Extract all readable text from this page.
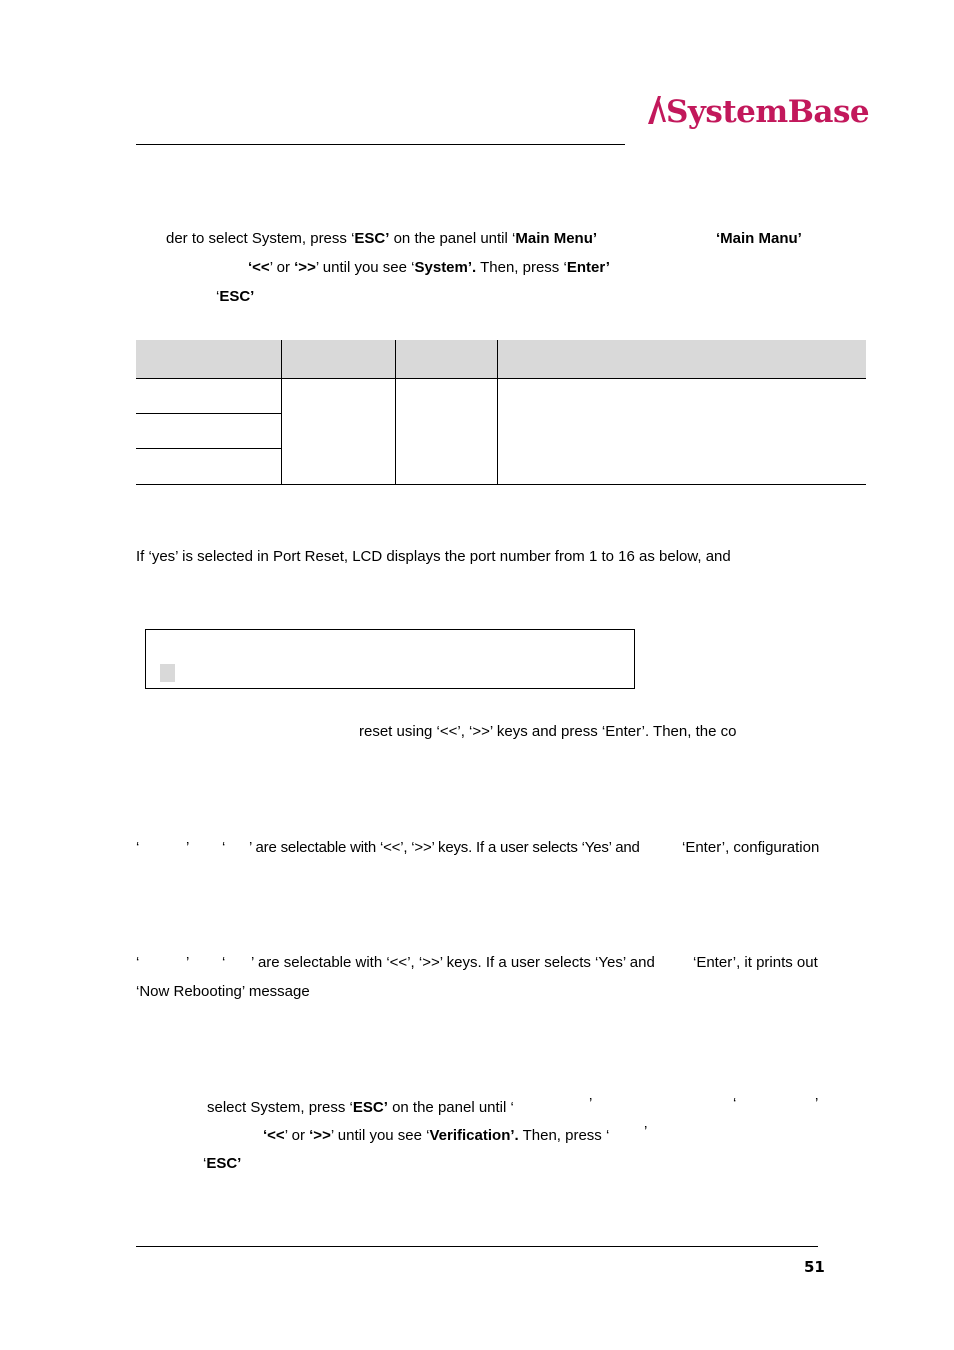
SystemBase
der to select System, press ‘ESC’ on the panel until ‘Main Menu’	‘Main Manu’
‘<<’ or ‘>>’ until you see ‘System’. Then, press ‘Enter’
‘ESC’
If ‘yes’ is selected in Port Reset, LCD displays the port number from 1 to 16 as below, and
reset using ‘<<’, ‘>>’ keys and press ‘Enter’. Then, the co
‘	’ ‘ ’ are selectable with ‘<<’, ‘>>’ keys. If a user selects ‘Yes’ and	‘Enter’, configuration
‘	’ ‘ ’ are selectable with ‘<<’, ‘>>’ keys. If a user selects ‘Yes’ and	‘Enter’, it prints out
‘Now Rebooting’ message
select System, press ‘ESC’ on the panel until ‘	’	‘	’
‘<<’ or ‘>>’ until you see ‘Verification’. Then, press ‘ ’
‘ESC’
51
